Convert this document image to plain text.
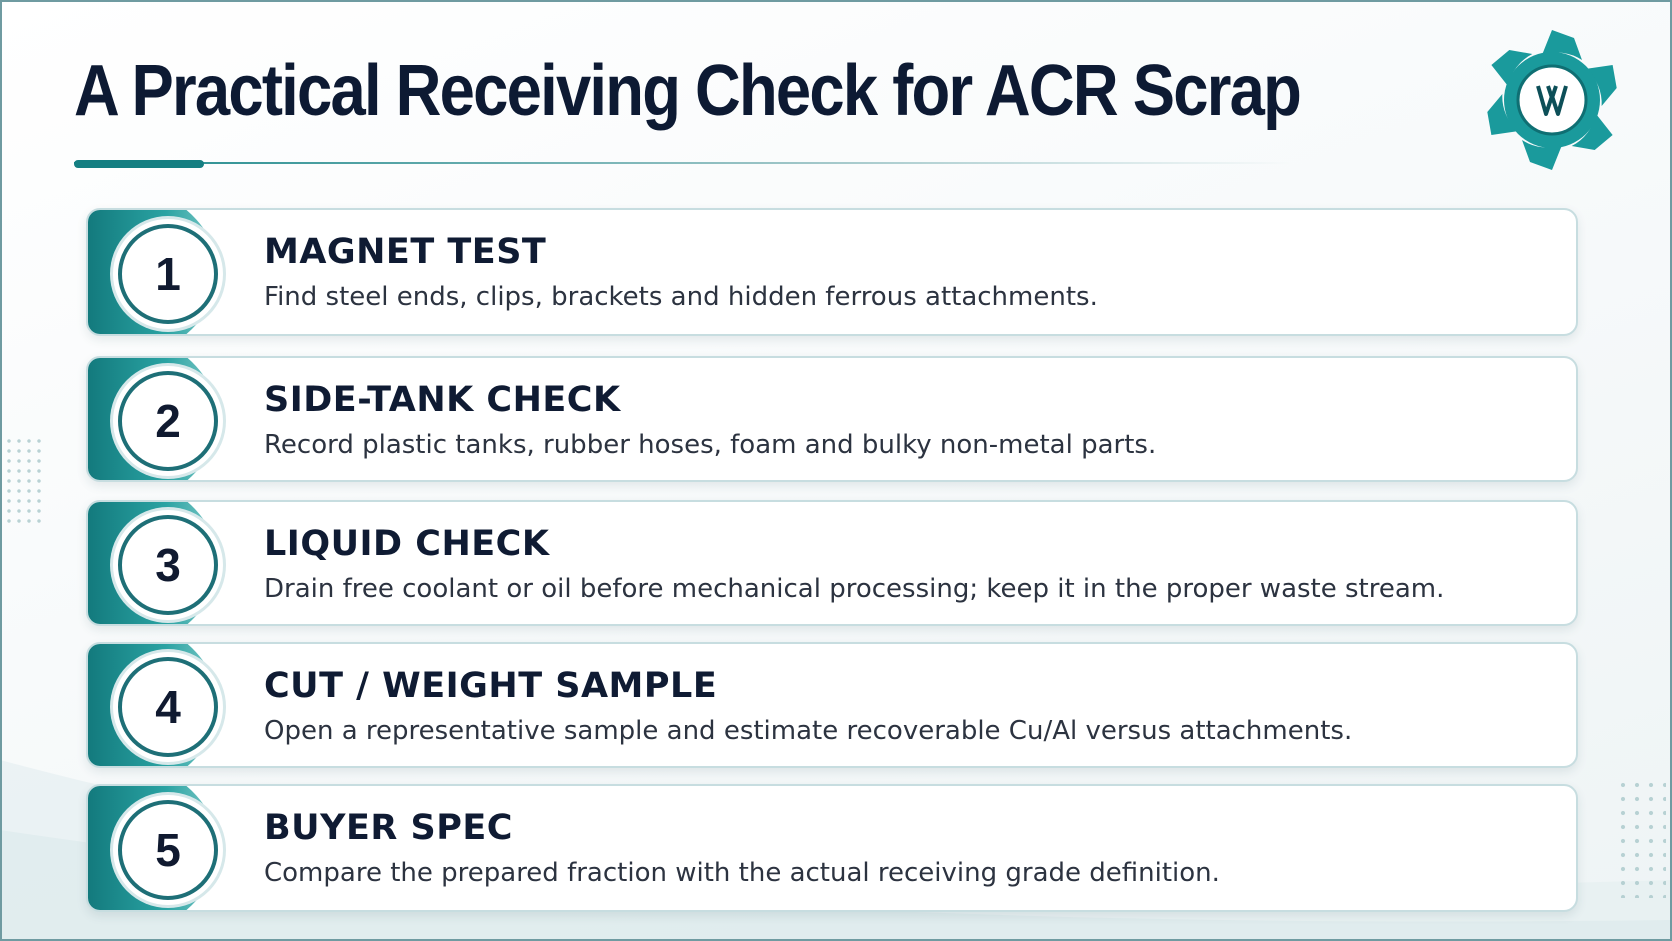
A Practical Receiving Check for ACR Scrap
1 MAGNET TEST

Find steel ends, clips, brackets and hidden ferrous attachments.

2 SIDE-TANK CHECK

Record plastic tanks, rubber hoses, foam and bulky non-metal parts.

3 LIQUID CHECK

Drain free coolant or oil before mechanical processing; keep it in the proper waste stream.

4 CUT / WEIGHT SAMPLE

Open a representative sample and estimate recoverable Cu/Al versus attachments.

5 BUYER SPEC

Compare the prepared fraction with the actual receiving grade definition.
